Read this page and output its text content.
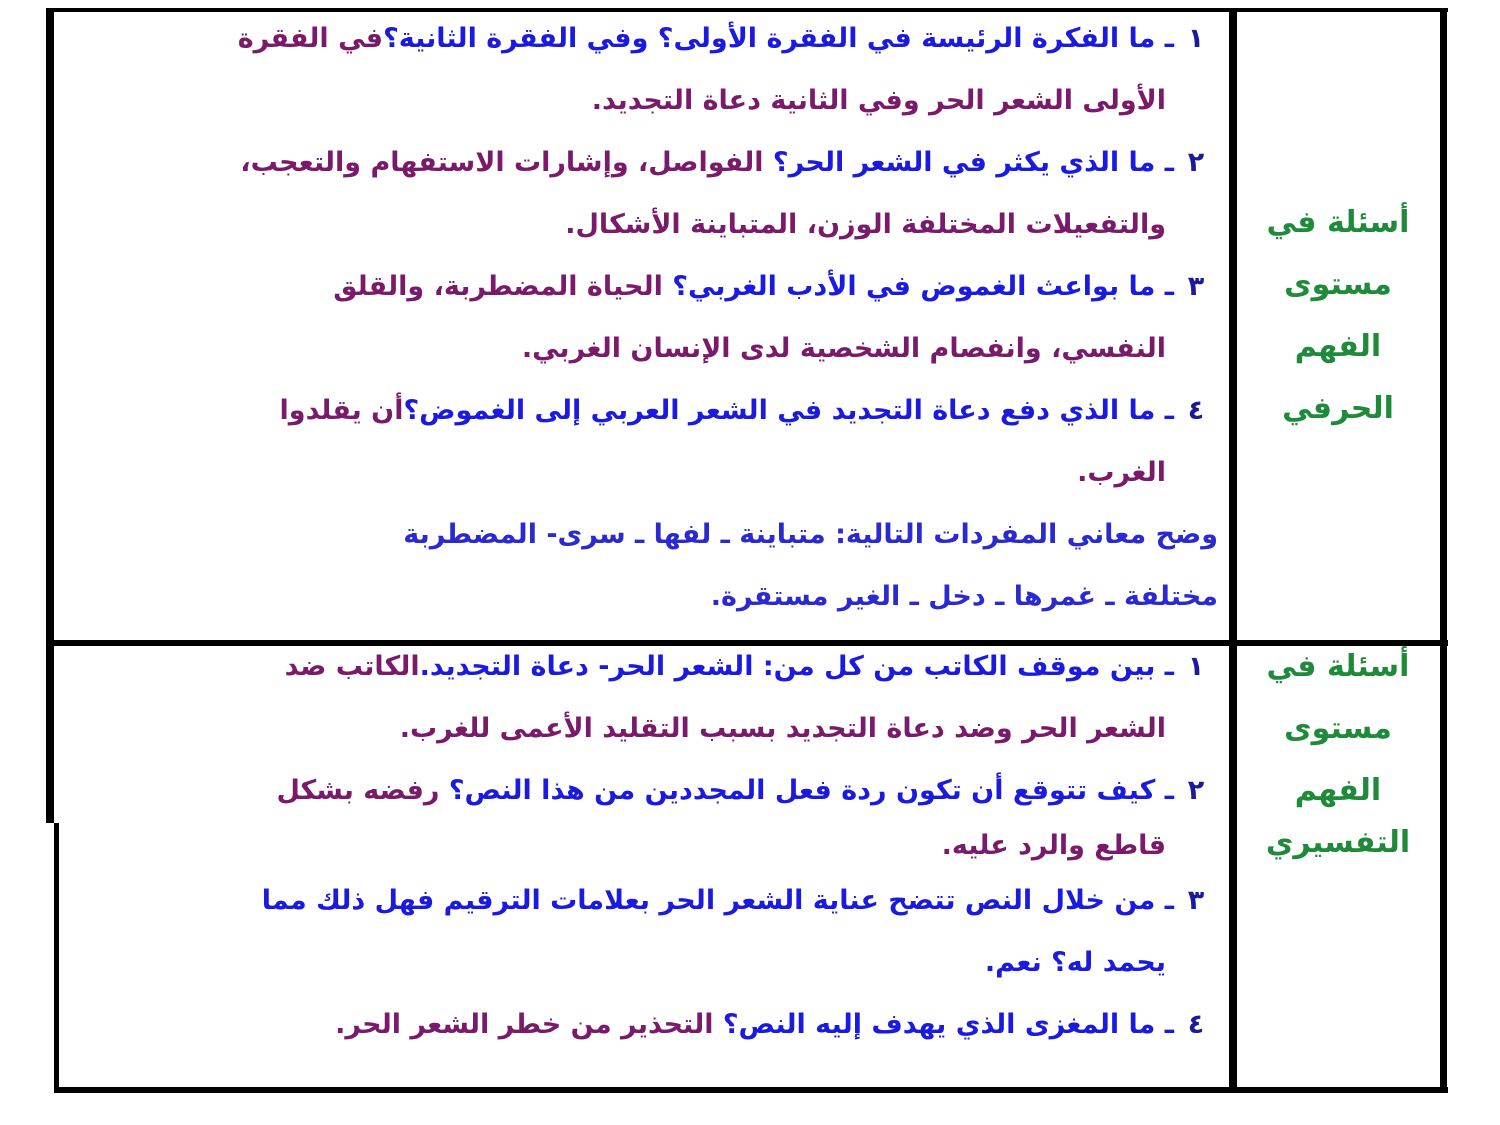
أسئلة في
مستوى
الفهم
الحرفي
١ـ ما الفكرة الرئيسة في الفقرة الأولى؟ وفي الفقرة الثانية؟في الفقرة
الأولى الشعر الحر وفي الثانية دعاة التجديد.
٢ـ ما الذي يكثر في الشعر الحر؟ الفواصل، وإشارات الاستفهام والتعجب،
والتفعيلات المختلفة الوزن، المتباينة الأشكال.
٣ـ ما بواعث الغموض في الأدب الغربي؟ الحياة المضطربة، والقلق
النفسي، وانفصام الشخصية لدى الإنسان الغربي.
٤ـ ما الذي دفع دعاة التجديد في الشعر العربي إلى الغموض؟أن يقلدوا
الغرب.
وضح معاني المفردات التالية: متباينة ـ لفها ـ سرى- المضطربة
مختلفة ـ غمرها ـ دخل ـ الغير مستقرة.
أسئلة في
مستوى
الفهم
التفسيري
١ـ بين موقف الكاتب من كل من: الشعر الحر- دعاة التجديد.الكاتب ضد
الشعر الحر وضد دعاة التجديد بسبب التقليد الأعمى للغرب.
٢ـ كيف تتوقع أن تكون ردة فعل المجددين من هذا النص؟ رفضه بشكل
قاطع والرد عليه.
٣ـ من خلال النص تتضح عناية الشعر الحر بعلامات الترقيم فهل ذلك مما
يحمد له؟ نعم.
٤ـ ما المغزى الذي يهدف إليه النص؟ التحذير من خطر الشعر الحر.
